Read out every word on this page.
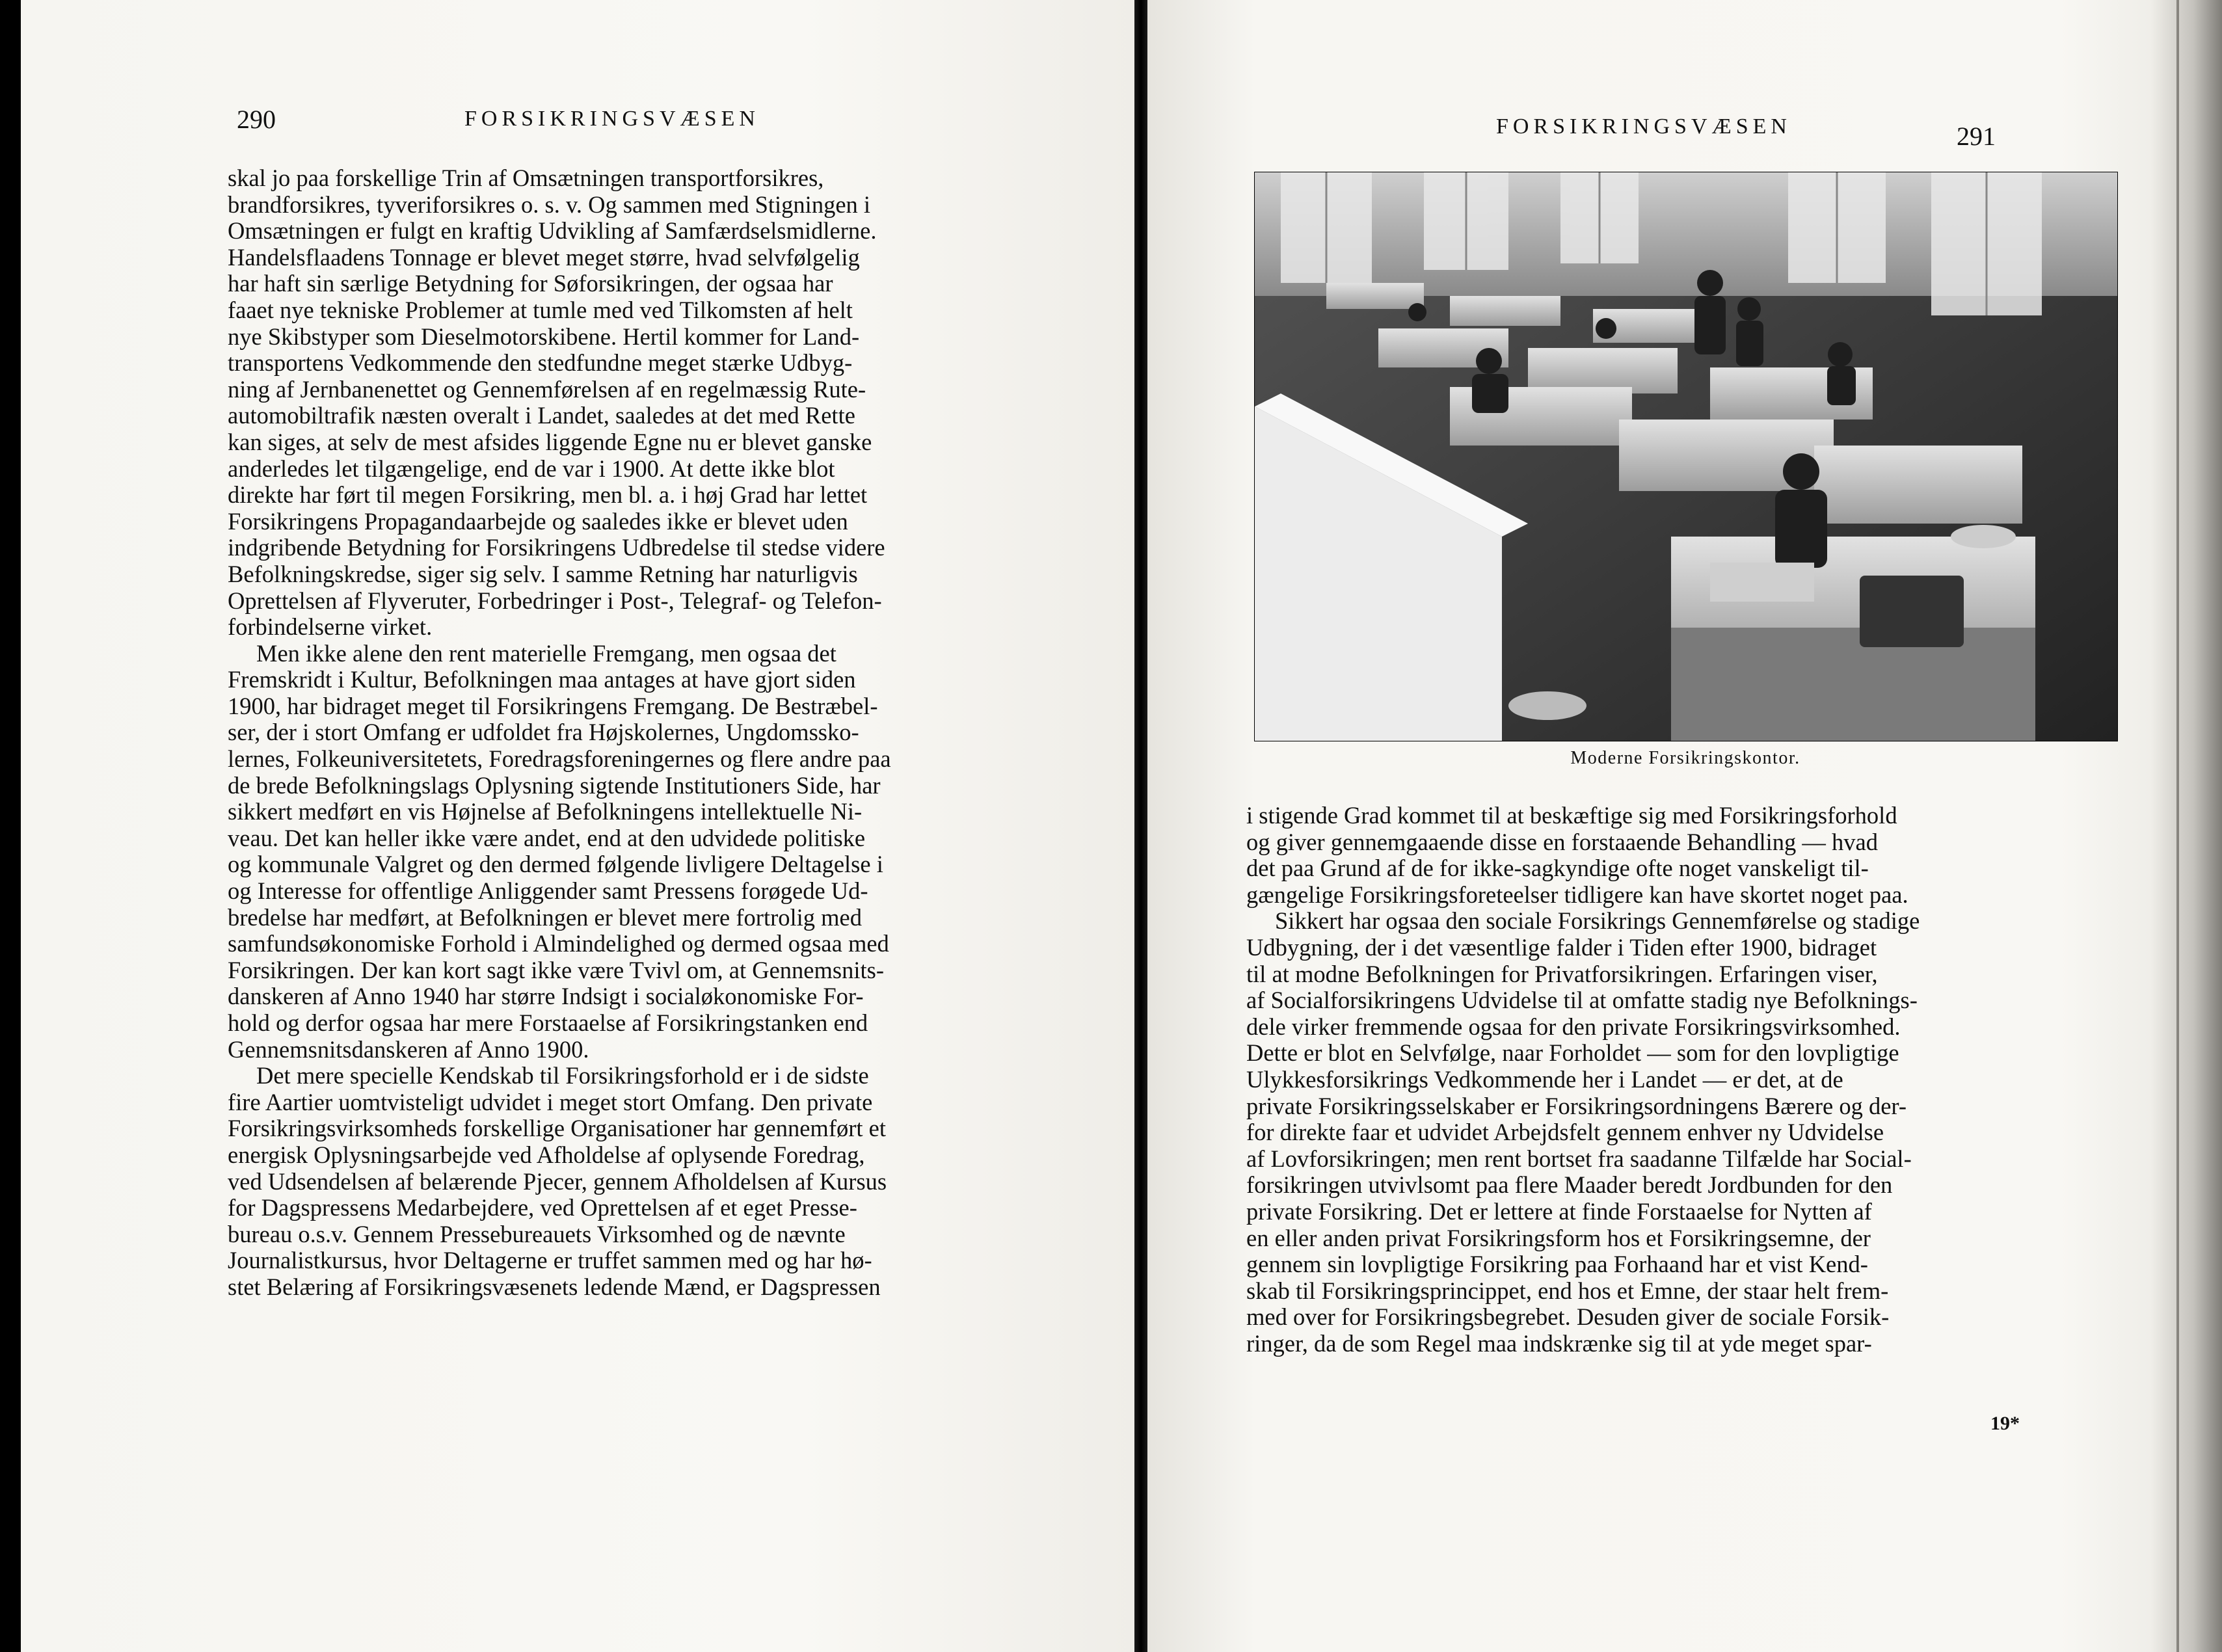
290	FORSIKRINGSVÆSEN
skal jo paa forskellige Trin af Omsætningen transportforsikres,
brandforsikres, tyveriforsikres o. s. v. Og sammen med Stigningen i
Omsætningen er fulgt en kraftig Udvikling af Samfærdselsmidlerne.
Handelsflaadens Tonnage er blevet meget større, hvad selvfølgelig
har haft sin særlige Betydning for Søforsikringen, der ogsaa har
faaet nye tekniske Problemer at tumle med ved Tilkomsten af helt
nye Skibstyper som Dieselmotorskibene. Hertil kommer for Land-
transportens Vedkommende den stedfundne meget stærke Udbyg-
ning af Jernbanenettet og Gennemførelsen af en regelmæssig Rute-
automobiltrafik næsten overalt i Landet, saaledes at det med Rette
kan siges, at selv de mest afsides liggende Egne nu er blevet ganske
anderledes let tilgængelige, end de var i 1900. At dette ikke blot
direkte har ført til megen Forsikring, men bl. a. i høj Grad har lettet
Forsikringens Propagandaarbejde og saaledes ikke er blevet uden
indgribende Betydning for Forsikringens Udbredelse til stedse videre
Befolkningskredse, siger sig selv. I samme Retning har naturligvis
Oprettelsen af Flyveruter, Forbedringer i Post-, Telegraf- og Telefon-
forbindelserne virket.
Men ikke alene den rent materielle Fremgang, men ogsaa det
Fremskridt i Kultur, Befolkningen maa antages at have gjort siden
1900, har bidraget meget til Forsikringens Fremgang. De Bestræbel-
ser, der i stort Omfang er udfoldet fra Højskolernes, Ungdomssko-
lernes, Folkeuniversitetets, Foredragsforeningernes og flere andre paa
de brede Befolkningslags Oplysning sigtende Institutioners Side, har
sikkert medført en vis Højnelse af Befolkningens intellektuelle Ni-
veau. Det kan heller ikke være andet, end at den udvidede politiske
og kommunale Valgret og den dermed følgende livligere Deltagelse i
og Interesse for offentlige Anliggender samt Pressens forøgede Ud-
bredelse har medført, at Befolkningen er blevet mere fortrolig med
samfundsøkonomiske Forhold i Almindelighed og dermed ogsaa med
Forsikringen. Der kan kort sagt ikke være Tvivl om, at Gennemsnits-
danskeren af Anno 1940 har større Indsigt i socialøkonomiske For-
hold og derfor ogsaa har mere Forstaaelse af Forsikringstanken end
Gennemsnitsdanskeren af Anno 1900.
Det mere specielle Kendskab til Forsikringsforhold er i de sidste
fire Aartier uomtvisteligt udvidet i meget stort Omfang. Den private
Forsikringsvirksomheds forskellige Organisationer har gennemført et
energisk Oplysningsarbejde ved Afholdelse af oplysende Foredrag,
ved Udsendelsen af belærende Pjecer, gennem Afholdelsen af Kursus
for Dagspressens Medarbejdere, ved Oprettelsen af et eget Presse-
bureau o.s.v. Gennem Pressebureauets Virksomhed og de nævnte
Journalistkursus, hvor Deltagerne er truffet sammen med og har hø-
stet Belæring af Forsikringsvæsenets ledende Mænd, er Dagspressen
FORSIKRINGSVÆSEN	291
Moderne Forsikringskontor.
i stigende Grad kommet til at beskæftige sig med Forsikringsforhold
og giver gennemgaaende disse en forstaaende Behandling — hvad
det paa Grund af de for ikke-sagkyndige ofte noget vanskeligt til-
gængelige Forsikringsforeteelser tidligere kan have skortet noget paa.
Sikkert har ogsaa den sociale Forsikrings Gennemførelse og stadige
Udbygning, der i det væsentlige falder i Tiden efter 1900, bidraget
til at modne Befolkningen for Privatforsikringen. Erfaringen viser,
af Socialforsikringens Udvidelse til at omfatte stadig nye Befolknings-
dele virker fremmende ogsaa for den private Forsikringsvirksomhed.
Dette er blot en Selvfølge, naar Forholdet — som for den lovpligtige
Ulykkesforsikrings Vedkommende her i Landet — er det, at de
private Forsikringsselskaber er Forsikringsordningens Bærere og der-
for direkte faar et udvidet Arbejdsfelt gennem enhver ny Udvidelse
af Lovforsikringen; men rent bortset fra saadanne Tilfælde har Social-
forsikringen utvivlsomt paa flere Maader beredt Jordbunden for den
private Forsikring. Det er lettere at finde Forstaaelse for Nytten af
en eller anden privat Forsikringsform hos et Forsikringsemne, der
gennem sin lovpligtige Forsikring paa Forhaand har et vist Kend-
skab til Forsikringsprincippet, end hos et Emne, der staar helt frem-
med over for Forsikringsbegrebet. Desuden giver de sociale Forsik-
ringer, da de som Regel maa indskrænke sig til at yde meget spar-
19*
